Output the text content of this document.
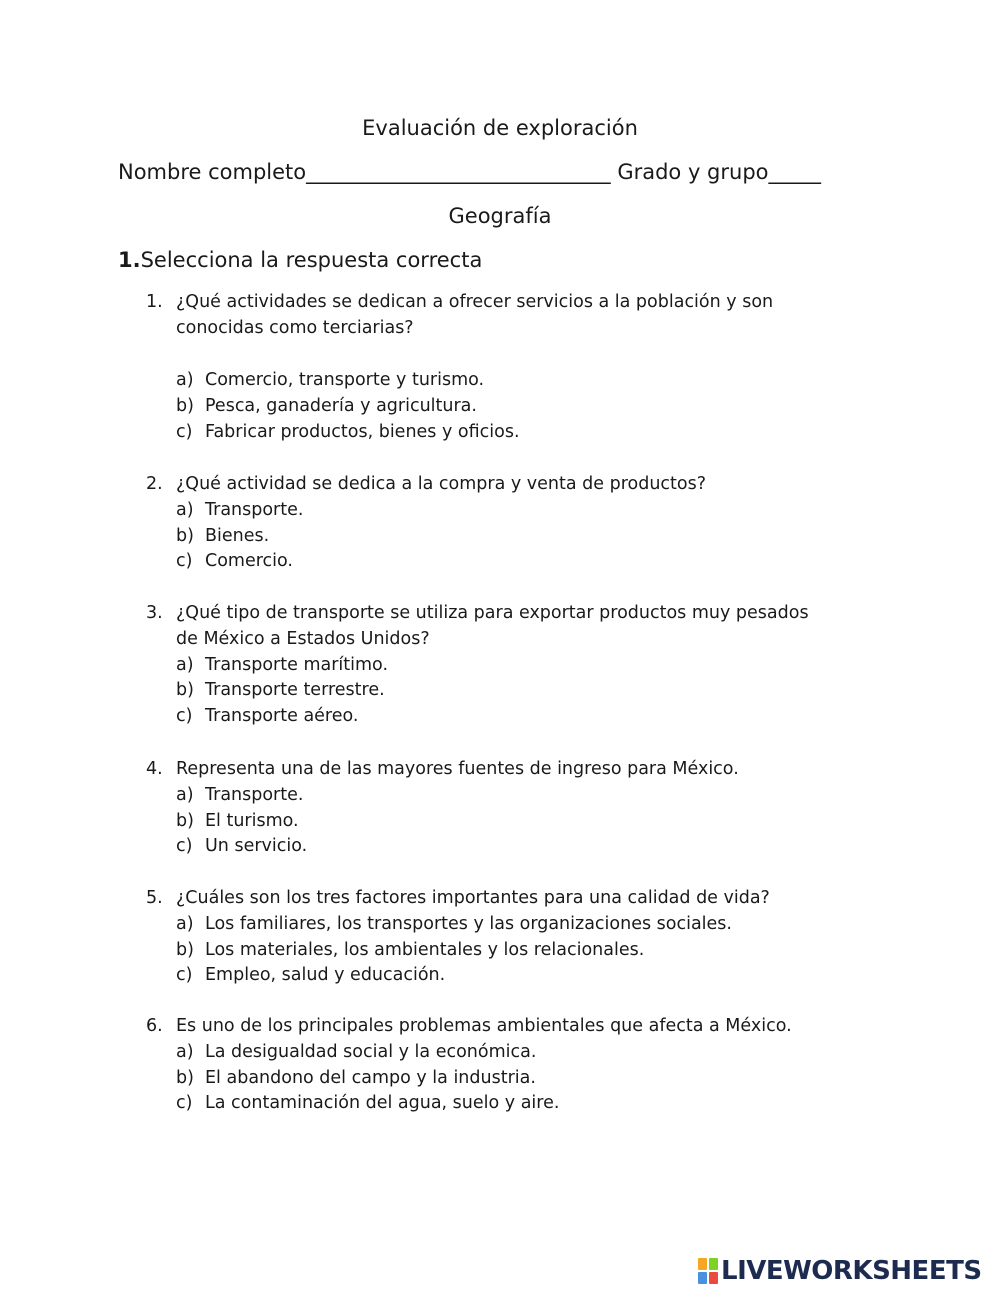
Evaluación de exploración
Nombre completo_____________________________ Grado y grupo_____
Geografía
1.Selecciona la respuesta correcta
1. ¿Qué actividades se dedican a ofrecer servicios a la población y son
conocidas como terciarias?
a) Comercio, transporte y turismo.
b) Pesca, ganadería y agricultura.
c) Fabricar productos, bienes y oficios.
2. ¿Qué actividad se dedica a la compra y venta de productos?
a) Transporte.
b) Bienes.
c) Comercio.
3. ¿Qué tipo de transporte se utiliza para exportar productos muy pesados
de México a Estados Unidos?
a) Transporte marítimo.
b) Transporte terrestre.
c) Transporte aéreo.
4. Representa una de las mayores fuentes de ingreso para México.
a) Transporte.
b) El turismo.
c) Un servicio.
5. ¿Cuáles son los tres factores importantes para una calidad de vida?
a) Los familiares, los transportes y las organizaciones sociales.
b) Los materiales, los ambientales y los relacionales.
c) Empleo, salud y educación.
6. Es uno de los principales problemas ambientales que afecta a México.
a) La desigualdad social y la económica.
b) El abandono del campo y la industria.
c) La contaminación del agua, suelo y aire.
LIVEWORKSHEETS
